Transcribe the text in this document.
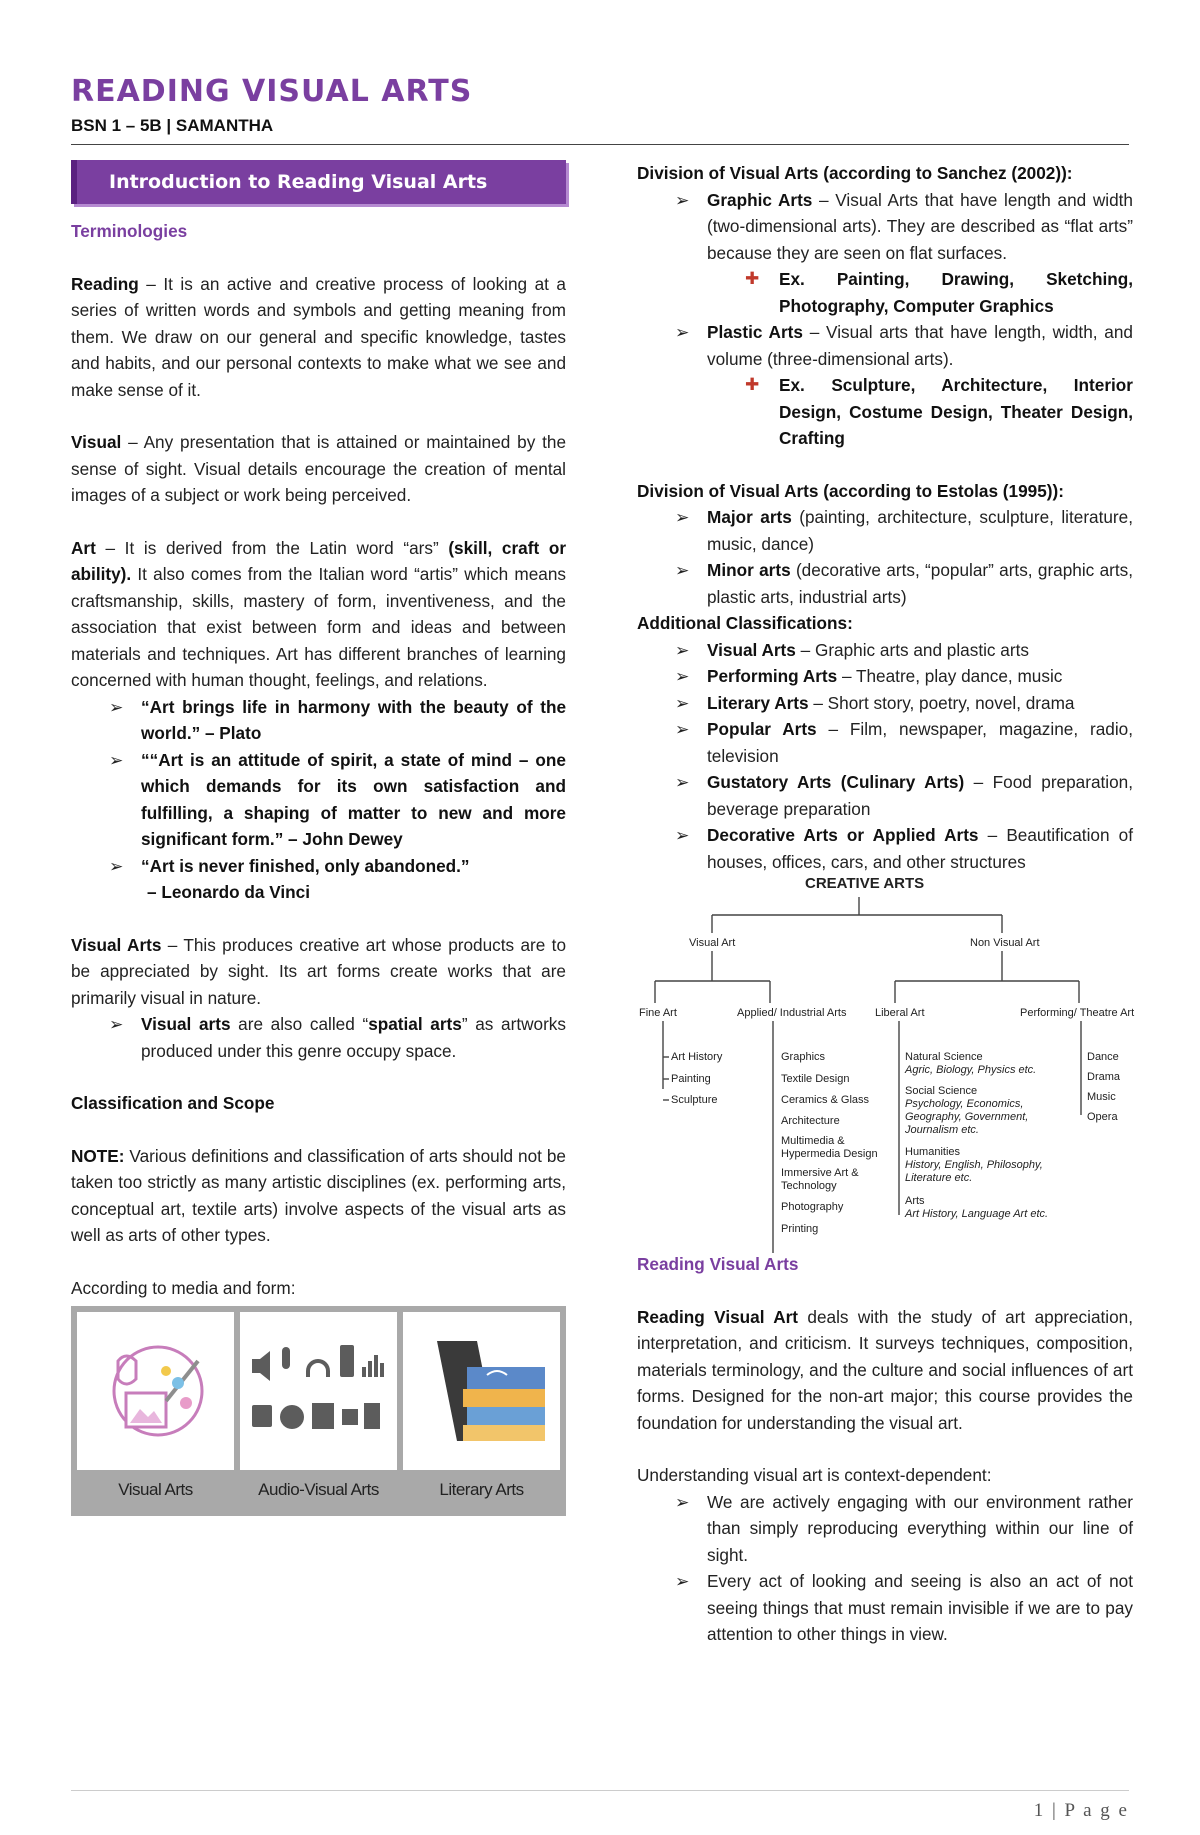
READING VISUAL ARTS
BSN 1 – 5B | SAMANTHA
Introduction to Reading Visual Arts

Terminologies

Reading – It is an active and creative process of looking at a series of written words and symbols and getting meaning from them. We draw on our general and specific knowledge, tastes and habits, and our personal contexts to make what we see and make sense of it.

Visual – Any presentation that is attained or maintained by the sense of sight. Visual details encourage the creation of mental images of a subject or work being perceived.

Art – It is derived from the Latin word “ars” (skill, craft or ability). It also comes from the Italian word “artis” which means craftsmanship, skills, mastery of form, inventiveness, and the association that exist between form and ideas and between materials and techniques. Art has different branches of learning concerned with human thought, feelings, and relations.

➢ “Art brings life in harmony with the beauty of the world.” – Plato
➢ ““Art is an attitude of spirit, a state of mind – one which demands for its own satisfaction and fulfilling, a shaping of matter to new and more significant form.” – John Dewey
➢ “Art is never finished, only abandoned.”
– Leonardo da Vinci

Visual Arts – This produces creative art whose products are to be appreciated by sight. Its art forms create works that are primarily visual in nature.

➢ Visual arts are also called “spatial arts” as artworks produced under this genre occupy space.

Classification and Scope

NOTE: Various definitions and classification of arts should not be taken too strictly as many artistic disciplines (ex. performing arts, conceptual art, textile arts) involve aspects of the visual arts as well as arts of other types.

According to media and form:

Visual Arts	Audio-Visual Arts	Literary Arts

Division of Visual Arts (according to Sanchez (2002)):

➢ Graphic Arts – Visual Arts that have length and width (two-dimensional arts). They are described as “flat arts” because they are seen on flat surfaces.
✚ Ex. Painting, Drawing, Sketching, Photography, Computer Graphics
➢ Plastic Arts – Visual arts that have length, width, and volume (three-dimensional arts).
✚ Ex. Sculpture, Architecture, Interior Design, Costume Design, Theater Design, Crafting

Division of Visual Arts (according to Estolas (1995)):

➢ Major arts (painting, architecture, sculpture, literature, music, dance)
➢ Minor arts (decorative arts, “popular” arts, graphic arts, plastic arts, industrial arts)

Additional Classifications:

➢ Visual Arts – Graphic arts and plastic arts
➢ Performing Arts – Theatre, play dance, music
➢ Literary Arts – Short story, poetry, novel, drama
➢ Popular Arts – Film, newspaper, magazine, radio, television
➢ Gustatory Arts (Culinary Arts) – Food preparation, beverage preparation
➢ Decorative Arts or Applied Arts – Beautification of houses, offices, cars, and other structures
CREATIVE ARTS
Visual Art	Non Visual Art
Fine Art	Applied/ Industrial Arts	Liberal Art	Performing/ Theatre Art
Art History
Painting
Sculpture
Graphics
Textile Design
Ceramics & Glass
Architecture
Multimedia &
Hypermedia Design
Immersive Art &
Technology
Photography
Printing
Natural Science
Agric, Biology, Physics etc.
Social Science
Psychology, Economics,
Geography, Government,
Journalism etc.
Humanities
History, English, Philosophy,
Literature etc.
Arts
Art History, Language Art etc.
Dance
Drama
Music
Opera

Reading Visual Arts

Reading Visual Art deals with the study of art appreciation, interpretation, and criticism. It surveys techniques, composition, materials terminology, and the culture and social influences of art forms. Designed for the non-art major; this course provides the foundation for understanding the visual art.

Understanding visual art is context-dependent:

➢ We are actively engaging with our environment rather than simply reproducing everything within our line of sight.
➢ Every act of looking and seeing is also an act of not seeing things that must remain invisible if we are to pay attention to other things in view.
1 | P a g e
